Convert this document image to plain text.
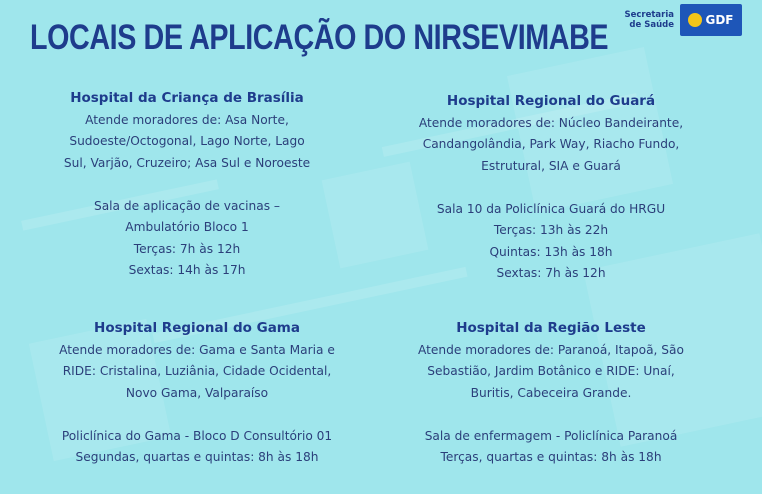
LOCAIS DE APLICAÇÃO DO NIRSEVIMABE
Secretaria
de Saúde	GDF
Hospital da Criança de Brasília

Atende moradores de: Asa Norte,

Sudoeste/Octogonal, Lago Norte, Lago

Sul, Varjão, Cruzeiro; Asa Sul e Noroeste

Sala de aplicação de vacinas –

Ambulatório Bloco 1

Terças: 7h às 12h

Sextas: 14h às 17h

Hospital Regional do Guará

Atende moradores de: Núcleo Bandeirante,

Candangolândia, Park Way, Riacho Fundo,

Estrutural, SIA e Guará

Sala 10 da Policlínica Guará do HRGU

Terças: 13h às 22h

Quintas: 13h às 18h

Sextas: 7h às 12h

Hospital Regional do Gama

Atende moradores de: Gama e Santa Maria e

RIDE: Cristalina, Luziânia, Cidade Ocidental,

Novo Gama, Valparaíso

Policlínica do Gama - Bloco D Consultório 01

Segundas, quartas e quintas: 8h às 18h

Hospital da Região Leste

Atende moradores de: Paranoá, Itapoã, São

Sebastião, Jardim Botânico e RIDE: Unaí,

Buritis, Cabeceira Grande.

Sala de enfermagem - Policlínica Paranoá

Terças, quartas e quintas: 8h às 18h
